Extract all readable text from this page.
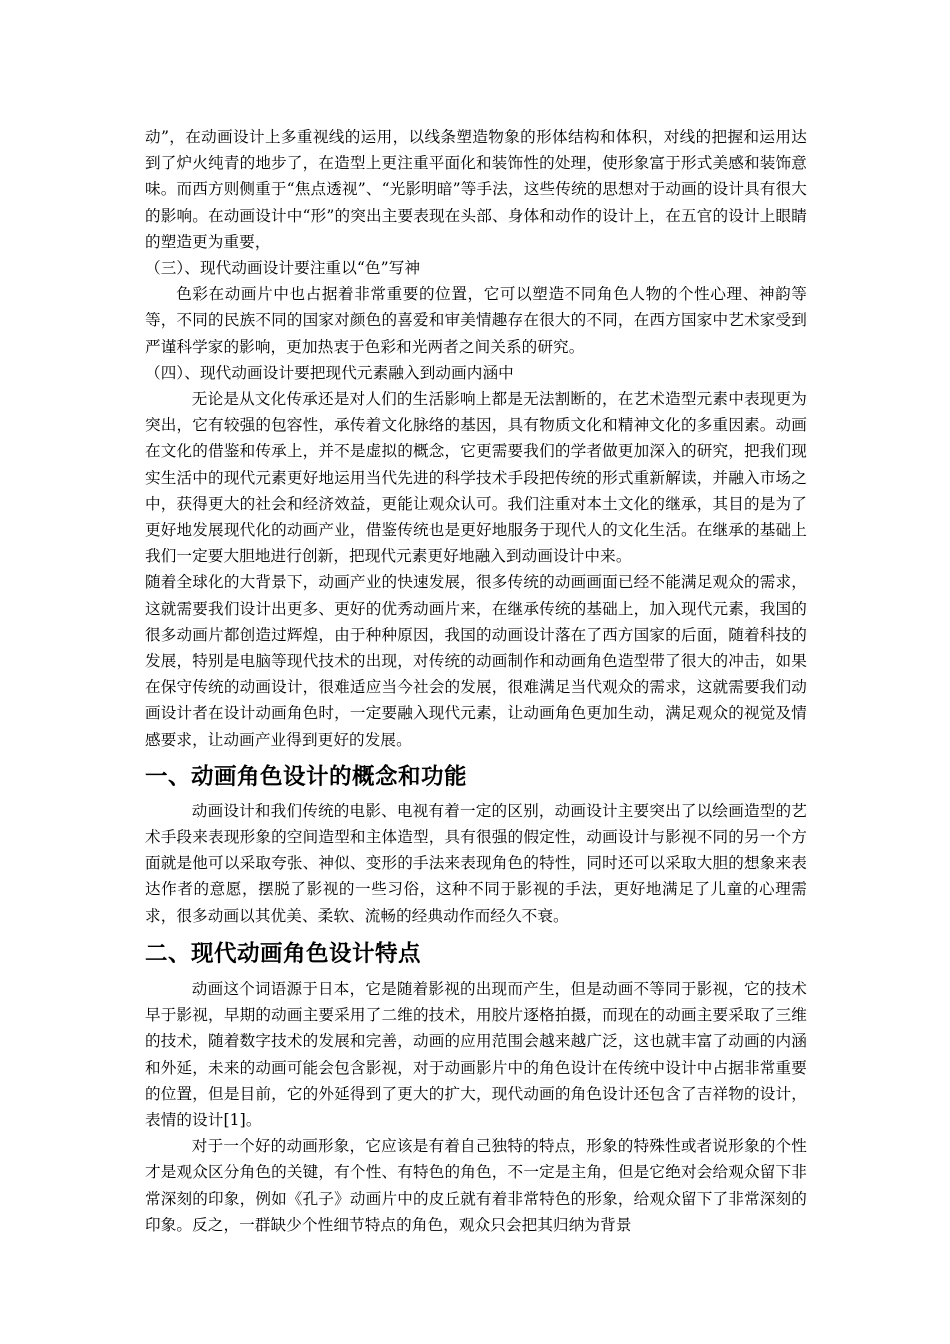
动”，在动画设计上多重视线的运用，以线条塑造物象的形体结构和体积，对线的把握和运用达到了炉火纯青的地步了，在造型上更注重平面化和装饰性的处理，使形象富于形式美感和装饰意味。而西方则侧重于“焦点透视”、“光影明暗”等手法，这些传统的思想对于动画的设计具有很大的影响。在动画设计中“形”的突出主要表现在头部、身体和动作的设计上，在五官的设计上眼睛的塑造更为重要，

（三）、现代动画设计要注重以“色”写神

色彩在动画片中也占据着非常重要的位置，它可以塑造不同角色人物的个性心理、神韵等等，不同的民族不同的国家对颜色的喜爱和审美情趣存在很大的不同，在西方国家中艺术家受到严谨科学家的影响，更加热衷于色彩和光两者之间关系的研究。

（四）、现代动画设计要把现代元素融入到动画内涵中

无论是从文化传承还是对人们的生活影响上都是无法割断的，在艺术造型元素中表现更为突出，它有较强的包容性，承传着文化脉络的基因，具有物质文化和精神文化的多重因素。动画在文化的借鉴和传承上，并不是虚拟的概念，它更需要我们的学者做更加深入的研究，把我们现实生活中的现代元素更好地运用当代先进的科学技术手段把传统的形式重新解读，并融入市场之中，获得更大的社会和经济效益，更能让观众认可。我们注重对本土文化的继承，其目的是为了更好地发展现代化的动画产业，借鉴传统也是更好地服务于现代人的文化生活。在继承的基础上我们一定要大胆地进行创新，把现代元素更好地融入到动画设计中来。

随着全球化的大背景下，动画产业的快速发展，很多传统的动画画面已经不能满足观众的需求，这就需要我们设计出更多、更好的优秀动画片来，在继承传统的基础上，加入现代元素，我国的很多动画片都创造过辉煌，由于种种原因，我国的动画设计落在了西方国家的后面，随着科技的发展，特别是电脑等现代技术的出现，对传统的动画制作和动画角色造型带了很大的冲击，如果在保守传统的动画设计，很难适应当今社会的发展，很难满足当代观众的需求，这就需要我们动画设计者在设计动画角色时，一定要融入现代元素，让动画角色更加生动，满足观众的视觉及情感要求，让动画产业得到更好的发展。

一、动画角色设计的概念和功能

动画设计和我们传统的电影、电视有着一定的区别，动画设计主要突出了以绘画造型的艺术手段来表现形象的空间造型和主体造型，具有很强的假定性，动画设计与影视不同的另一个方面就是他可以采取夸张、神似、变形的手法来表现角色的特性，同时还可以采取大胆的想象来表达作者的意愿，摆脱了影视的一些习俗，这种不同于影视的手法，更好地满足了儿童的心理需求，很多动画以其优美、柔软、流畅的经典动作而经久不衰。

二、现代动画角色设计特点

动画这个词语源于日本，它是随着影视的出现而产生，但是动画不等同于影视，它的技术早于影视，早期的动画主要采用了二维的技术，用胶片逐格拍摄，而现在的动画主要采取了三维的技术，随着数字技术的发展和完善，动画的应用范围会越来越广泛，这也就丰富了动画的内涵和外延，未来的动画可能会包含影视，对于动画影片中的角色设计在传统中设计中占据非常重要的位置，但是目前，它的外延得到了更大的扩大，现代动画的角色设计还包含了吉祥物的设计，表情的设计[1]。

对于一个好的动画形象，它应该是有着自己独特的特点，形象的特殊性或者说形象的个性才是观众区分角色的关键，有个性、有特色的角色，不一定是主角，但是它绝对会给观众留下非常深刻的印象，例如《孔子》动画片中的皮丘就有着非常特色的形象，给观众留下了非常深刻的印象。反之，一群缺少个性细节特点的角色，观众只会把其归纳为背景
